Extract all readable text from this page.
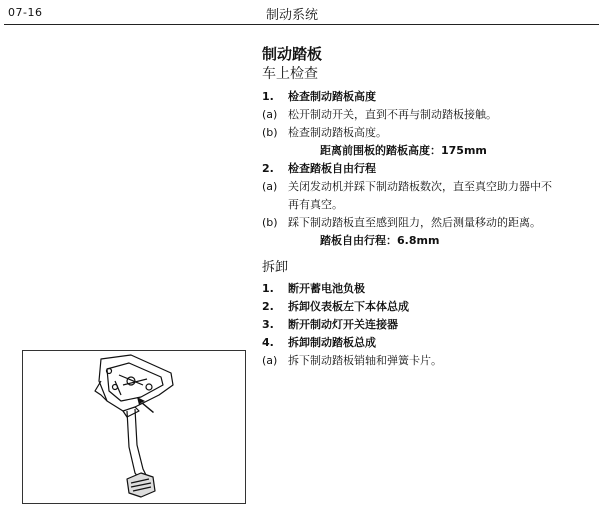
07-16	制动系统
制动踏板
车上检查
1. 检查制动踏板高度
(a) 松开制动开关，直到不再与制动踏板接触。
(b) 检查制动踏板高度。
距离前围板的踏板高度：175mm
2. 检查踏板自由行程
(a) 关闭发动机并踩下制动踏板数次，直至真空助力器中不
再有真空。
(b) 踩下制动踏板直至感到阻力，然后测量移动的距离。
踏板自由行程：6.8mm
拆卸
1. 断开蓄电池负极
2. 拆卸仪表板左下本体总成
3. 断开制动灯开关连接器
4. 拆卸制动踏板总成
(a) 拆下制动踏板销轴和弹簧卡片。
